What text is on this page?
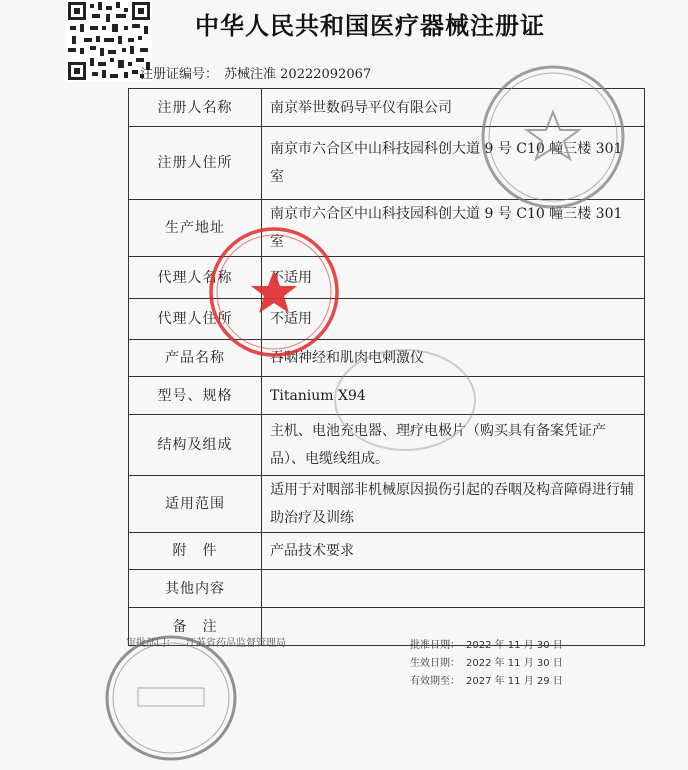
中华人民共和国医疗器械注册证
注册证编号： 苏械注准 20222092067
注册人名称	南京举世数码导平仪有限公司
注册人住所	南京市六合区中山科技园科创大道 9 号 C10 幢三楼 301 室
生产地址	南京市六合区中山科技园科创大道 9 号 C10 幢三楼 301 室
代理人名称	不适用
代理人住所	不适用
产品名称	吞咽神经和肌肉电刺激仪
型号、规格	Titanium X94
结构及组成	主机、电池充电器、理疗电极片（购买具有备案凭证产品）、电缆线组成。
适用范围	适用于对咽部非机械原因损伤引起的吞咽及构音障碍进行辅助治疗及训练
附　件	产品技术要求
其他内容	
备　注	
审批部门： 江苏省药品监督管理局	批准日期： 2022 年 11 月 30 日
生效日期： 2022 年 11 月 30 日
有效期至： 2027 年 11 月 29 日
